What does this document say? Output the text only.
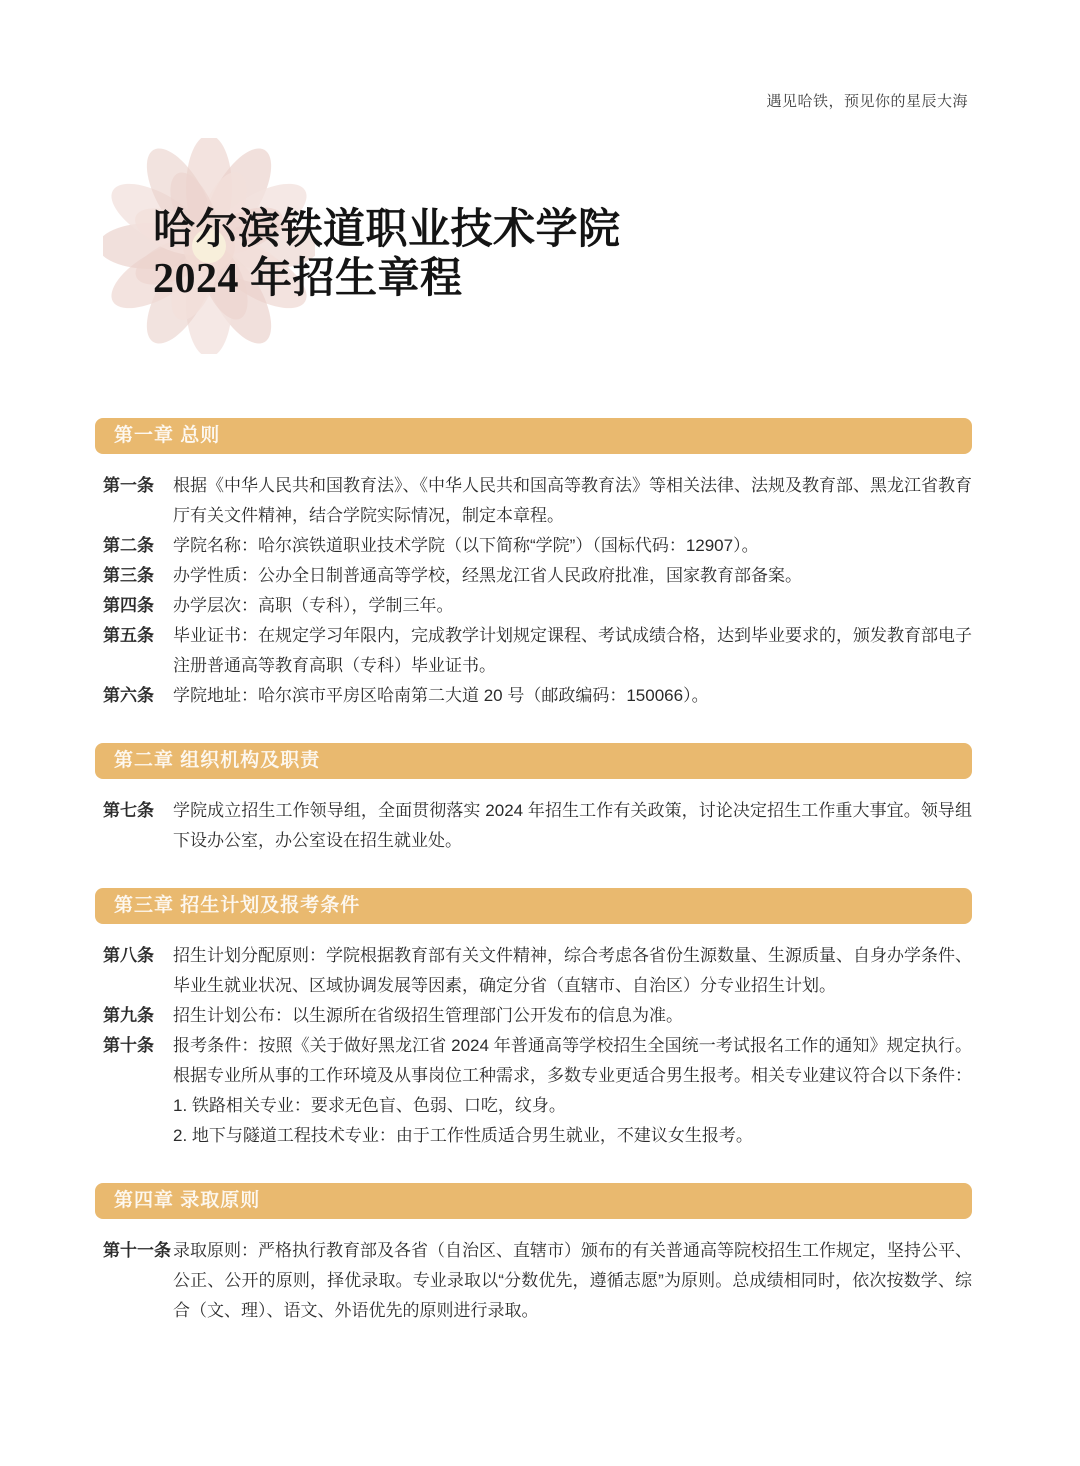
遇见哈铁，预见你的星辰大海
哈尔滨铁道职业技术学院
2024 年招生章程
第一章 总则
第一条	根据《中华人民共和国教育法》、《中华人民共和国高等教育法》等相关法律、法规及教育部、黑龙江省教育厅有关文件精神，结合学院实际情况，制定本章程。
第二条	学院名称：哈尔滨铁道职业技术学院（以下简称“学院”）（国标代码：12907）。
第三条	办学性质：公办全日制普通高等学校，经黑龙江省人民政府批准，国家教育部备案。
第四条	办学层次：高职（专科），学制三年。
第五条	毕业证书：在规定学习年限内，完成教学计划规定课程、考试成绩合格，达到毕业要求的，颁发教育部电子注册普通高等教育高职（专科）毕业证书。
第六条	学院地址：哈尔滨市平房区哈南第二大道 20 号（邮政编码：150066）。
第二章 组织机构及职责
第七条	学院成立招生工作领导组，全面贯彻落实 2024 年招生工作有关政策，讨论决定招生工作重大事宜。领导组下设办公室，办公室设在招生就业处。
第三章 招生计划及报考条件
第八条	招生计划分配原则：学院根据教育部有关文件精神，综合考虑各省份生源数量、生源质量、自身办学条件、毕业生就业状况、区域协调发展等因素，确定分省（直辖市、自治区）分专业招生计划。
第九条	招生计划公布：以生源所在省级招生管理部门公开发布的信息为准。
第十条	报考条件：按照《关于做好黑龙江省 2024 年普通高等学校招生全国统一考试报名工作的通知》规定执行。根据专业所从事的工作环境及从事岗位工种需求，多数专业更适合男生报考。相关专业建议符合以下条件：
1. 铁路相关专业：要求无色盲、色弱、口吃，纹身。
2. 地下与隧道工程技术专业：由于工作性质适合男生就业，不建议女生报考。
第四章 录取原则
第十一条 录取原则：严格执行教育部及各省（自治区、直辖市）颁布的有关普通高等院校招生工作规定，坚持公平、公正、公开的原则，择优录取。专业录取以“分数优先，遵循志愿”为原则。总成绩相同时，依次按数学、综合（文、理）、语文、外语优先的原则进行录取。
